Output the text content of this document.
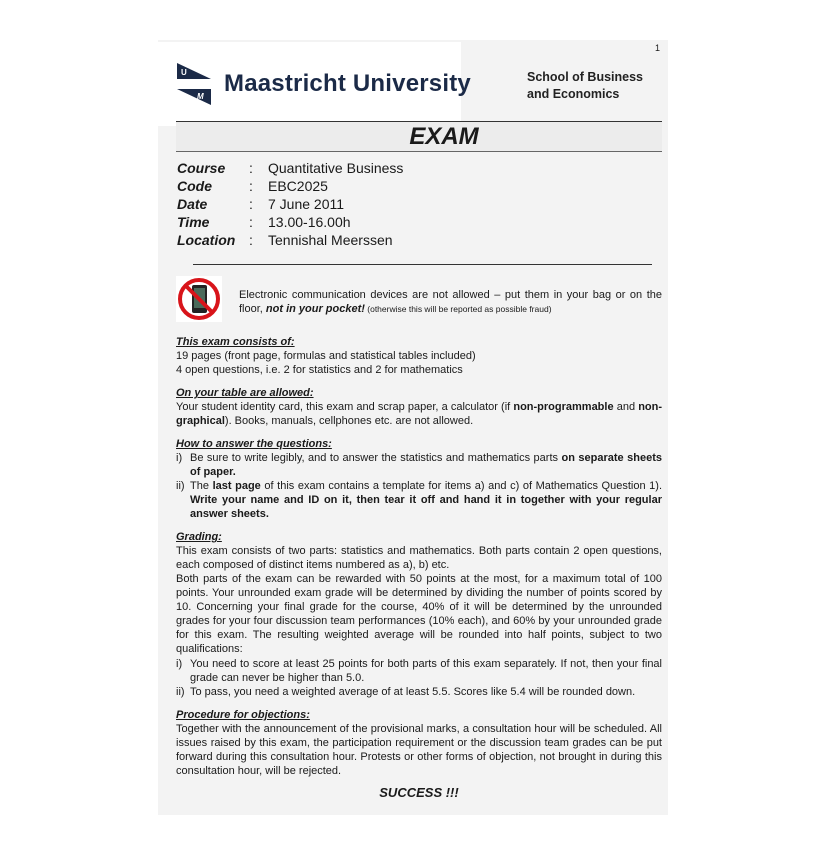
1
U
M Maastricht University	School of Business
and Economics
EXAM
Course : Quantitative Business
Code	: EBC2025
Date	: 7 June 2011
Time	: 13.00-16.00h
Location : Tennishal Meerssen
Electronic communication devices are not allowed – put them in your bag or on the floor, not in your pocket! (otherwise this will be reported as possible fraud)
This exam consists of:
19 pages (front page, formulas and statistical tables included)
4 open questions, i.e. 2 for statistics and 2 for mathematics
On your table are allowed:
Your student identity card, this exam and scrap paper, a calculator (if non-programmable and non-graphical). Books, manuals, cellphones etc. are not allowed.
How to answer the questions:
i) Be sure to write legibly, and to answer the statistics and mathematics parts on separate sheets of paper.
ii) The last page of this exam contains a template for items a) and c) of Mathematics Question 1). Write your name and ID on it, then tear it off and hand it in together with your regular answer sheets.
Grading:
This exam consists of two parts: statistics and mathematics. Both parts contain 2 open questions, each composed of distinct items numbered as a), b) etc.
Both parts of the exam can be rewarded with 50 points at the most, for a maximum total of 100 points. Your unrounded exam grade will be determined by dividing the number of points scored by 10. Concerning your final grade for the course, 40% of it will be determined by the unrounded grades for your four discussion team performances (10% each), and 60% by your unrounded grade for this exam. The resulting weighted average will be rounded into half points, subject to two qualifications:
i) You need to score at least 25 points for both parts of this exam separately. If not, then your final grade can never be higher than 5.0.
ii) To pass, you need a weighted average of at least 5.5. Scores like 5.4 will be rounded down.
Procedure for objections:
Together with the announcement of the provisional marks, a consultation hour will be scheduled. All issues raised by this exam, the participation requirement or the discussion team grades can be put forward during this consultation hour. Protests or other forms of objection, not brought in during this consultation hour, will be rejected.
SUCCESS !!!
